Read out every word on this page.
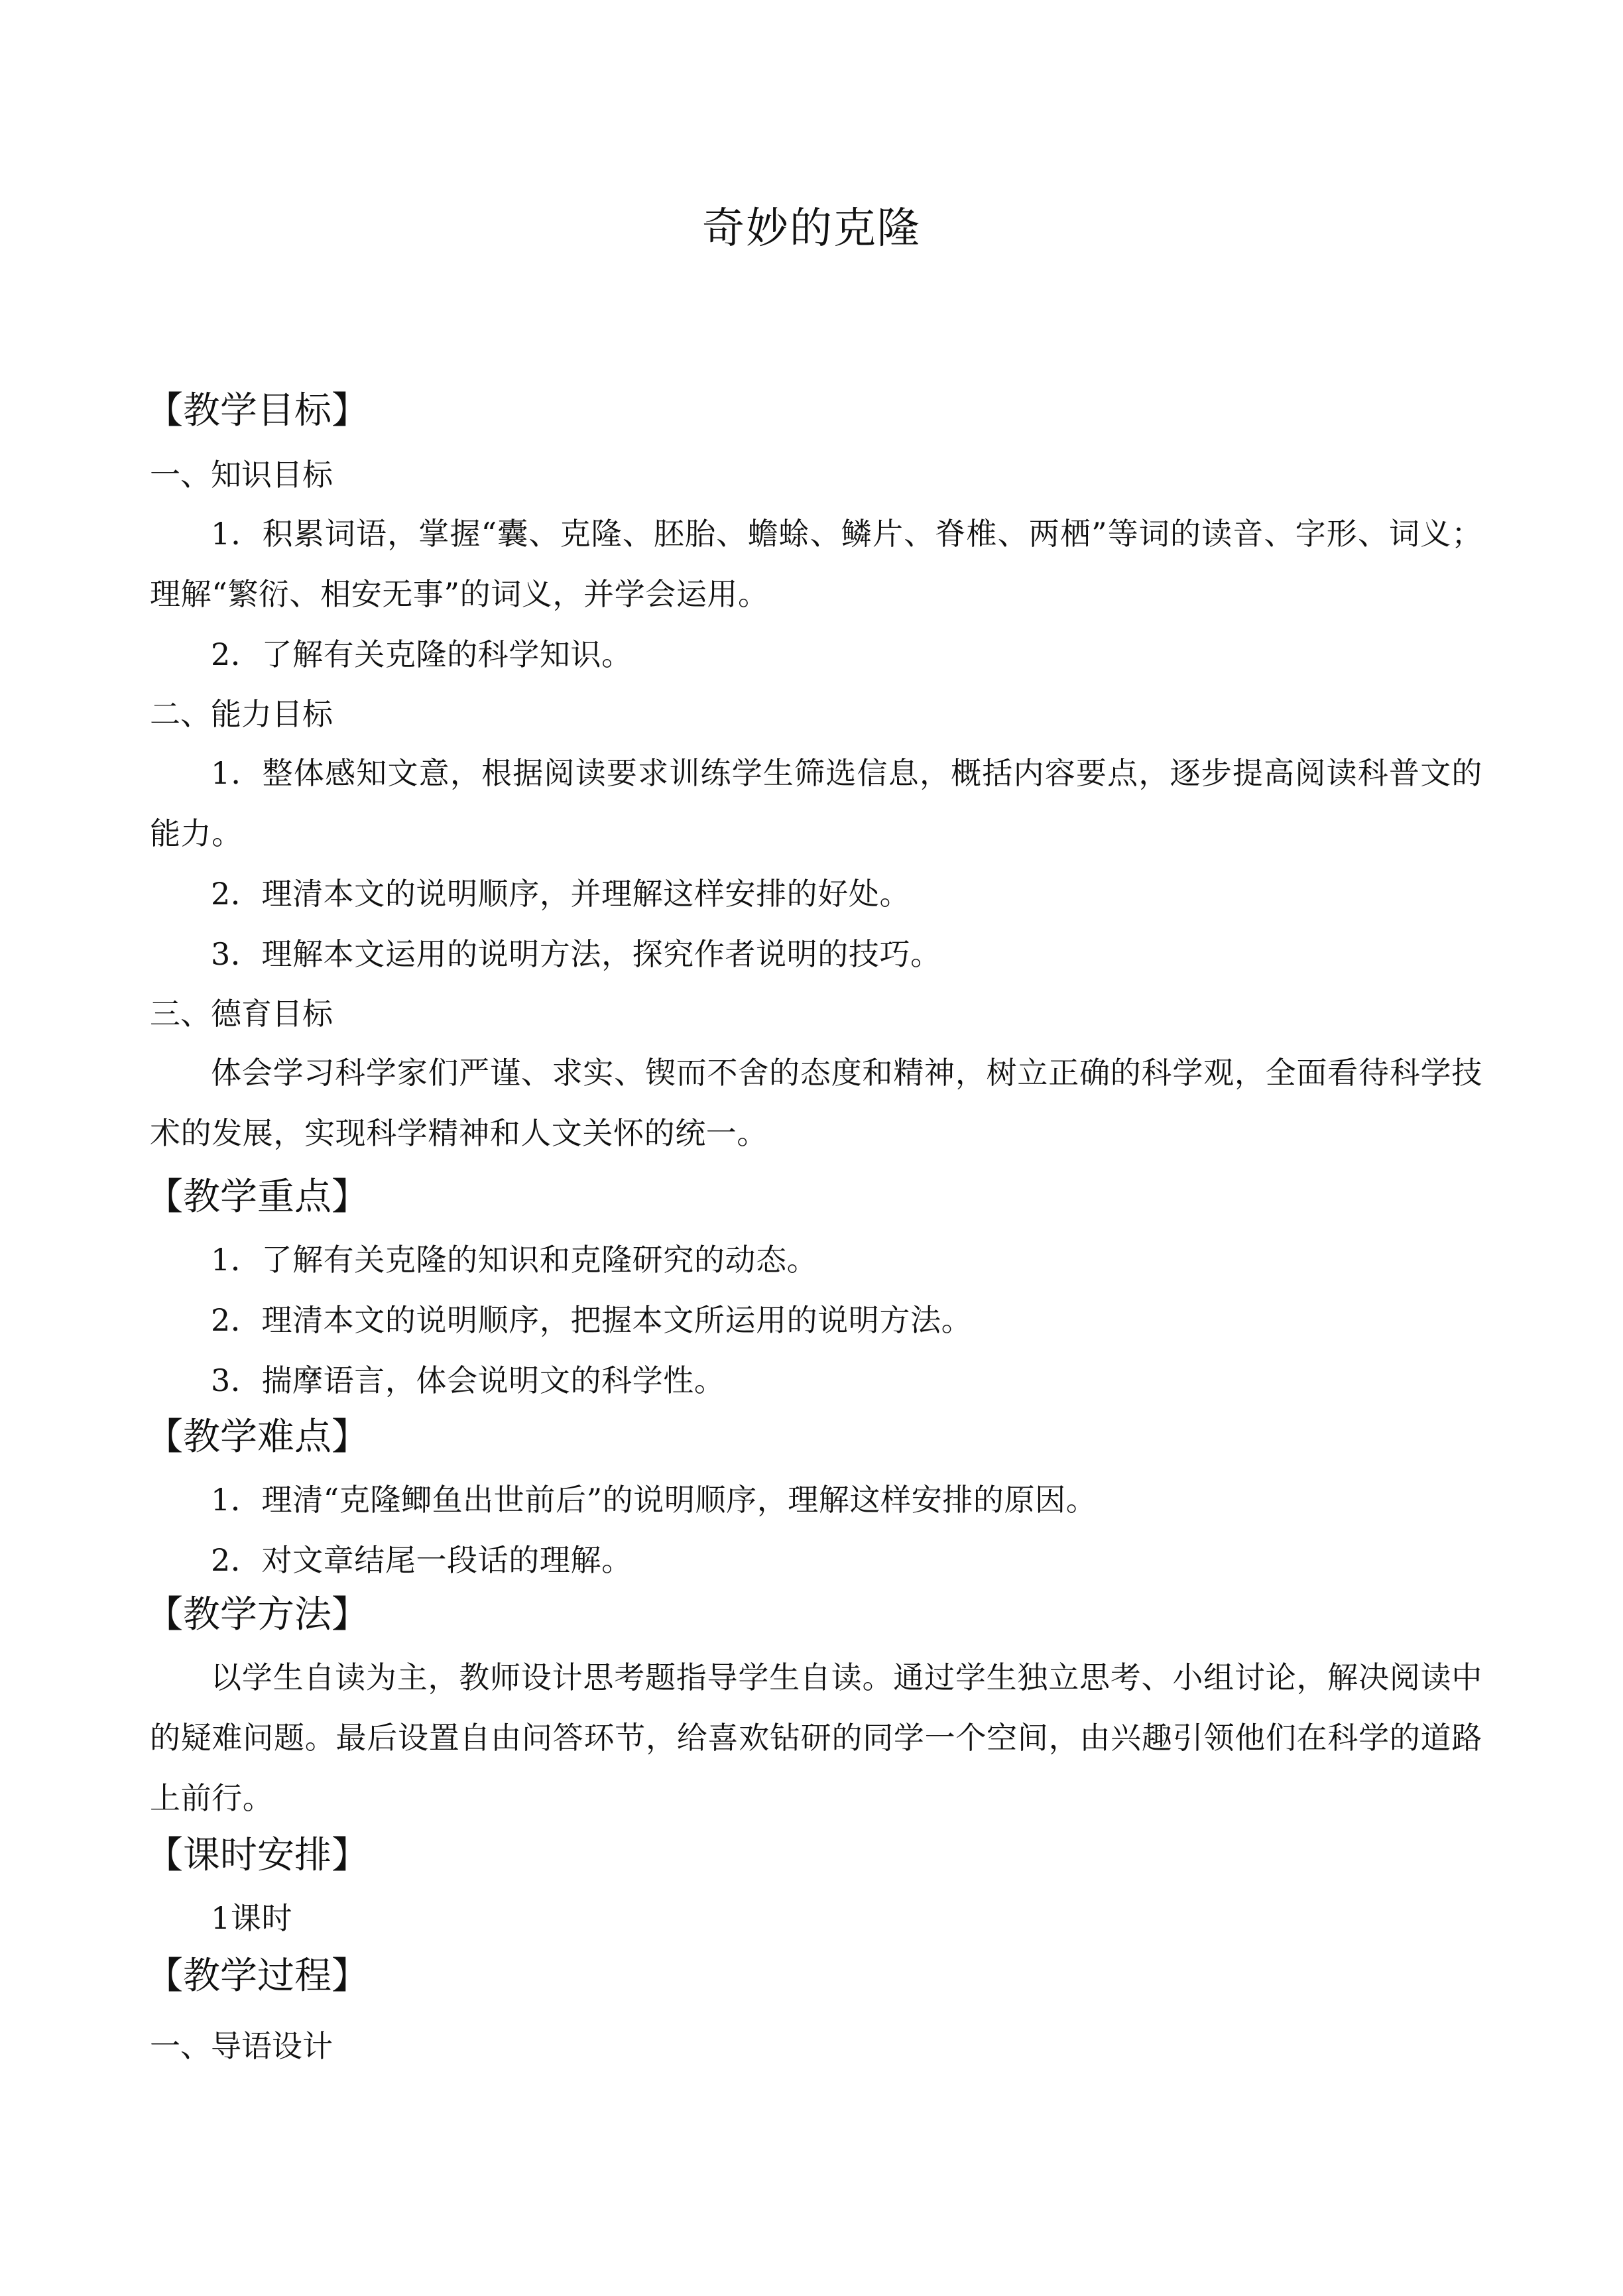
奇妙的克隆
【教学目标】
一、知识目标
1．积累词语，掌握“囊、克隆、胚胎、蟾蜍、鳞片、脊椎、两栖”等词的读音、字形、词义；理解“繁衍、相安无事”的词义，并学会运用。
2．了解有关克隆的科学知识。
二、能力目标
1．整体感知文意，根据阅读要求训练学生筛选信息，概括内容要点，逐步提高阅读科普文的能力。
2．理清本文的说明顺序，并理解这样安排的好处。
3．理解本文运用的说明方法，探究作者说明的技巧。
三、德育目标
体会学习科学家们严谨、求实、锲而不舍的态度和精神，树立正确的科学观，全面看待科学技术的发展，实现科学精神和人文关怀的统一。
【教学重点】
1．了解有关克隆的知识和克隆研究的动态。
2．理清本文的说明顺序，把握本文所运用的说明方法。
3．揣摩语言，体会说明文的科学性。
【教学难点】
1．理清“克隆鲫鱼出世前后”的说明顺序，理解这样安排的原因。
2．对文章结尾一段话的理解。
【教学方法】
以学生自读为主，教师设计思考题指导学生自读。通过学生独立思考、小组讨论，解决阅读中的疑难问题。最后设置自由问答环节，给喜欢钻研的同学一个空间，由兴趣引领他们在科学的道路上前行。
【课时安排】
1课时
【教学过程】
一、导语设计
